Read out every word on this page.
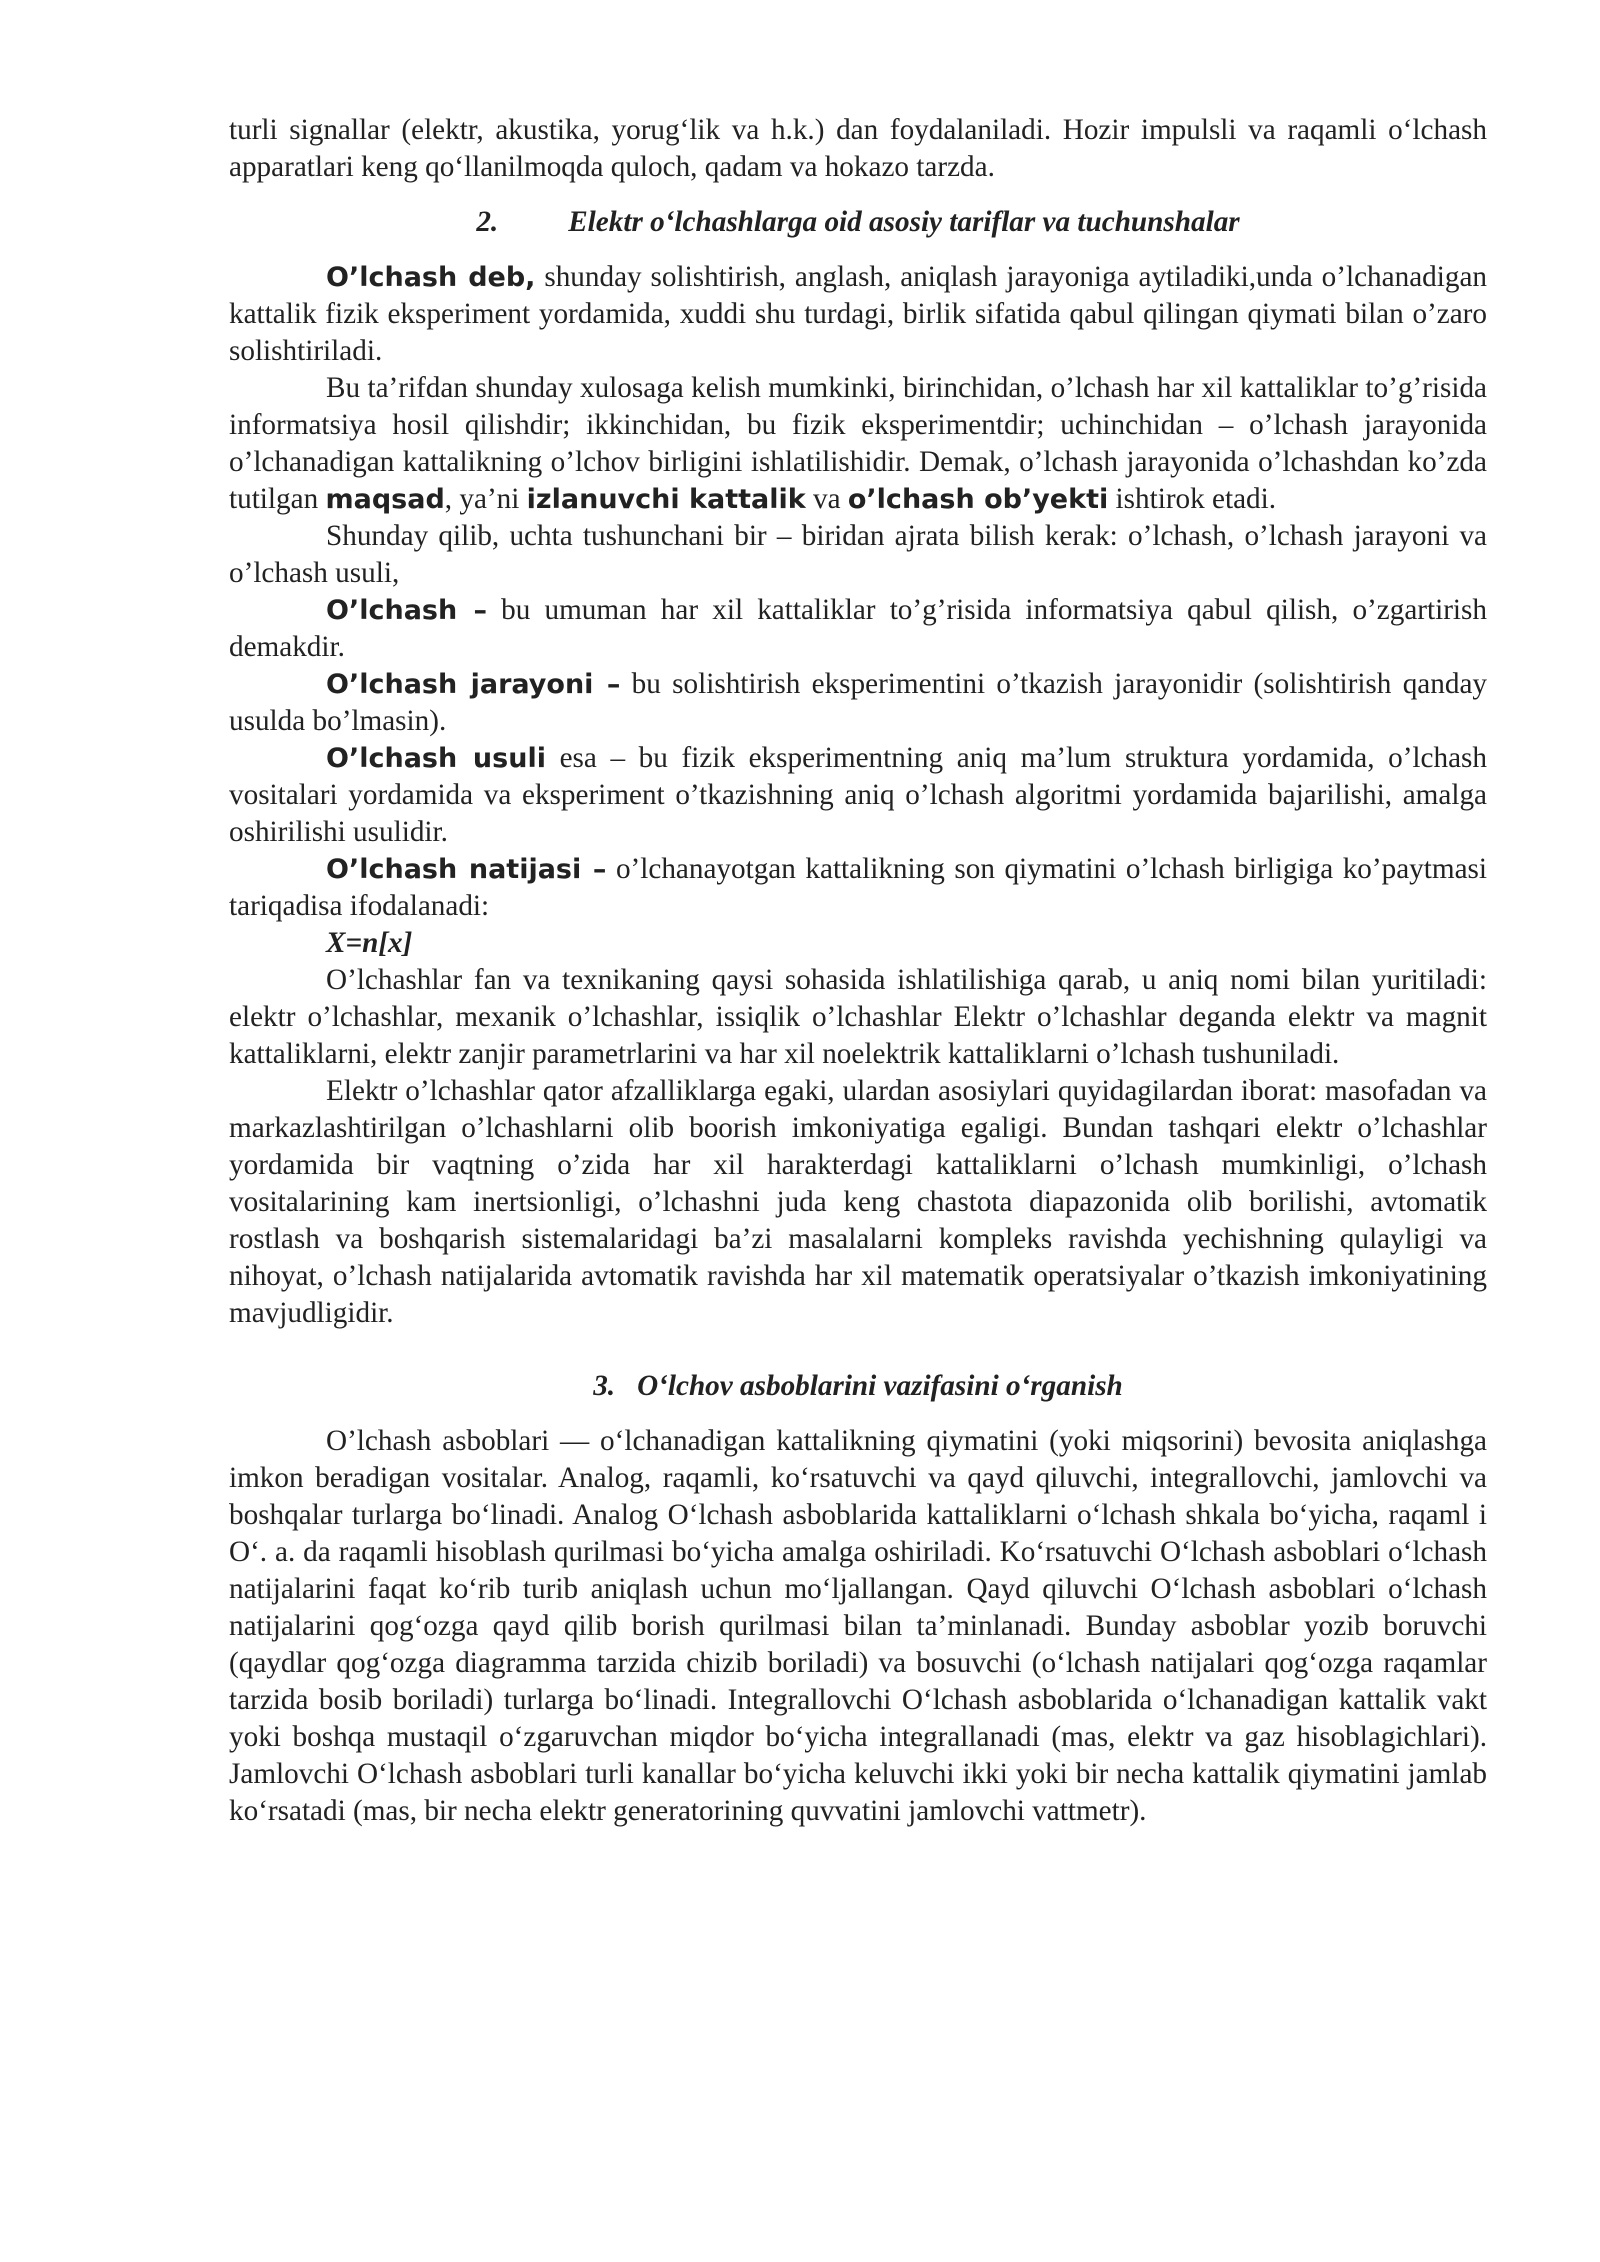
turli signallar (elektr, akustika, yorug‘lik va h.k.) dan foydalaniladi. Hozir impulsli va raqamli o‘lchash apparatlari keng qo‘llanilmoqda quloch, qadam va hokazo tarzda.

2. Elektr o‘lchashlarga oid asosiy tariflar va tuchunshalar

O’lchash deb, shunday solishtirish, anglash, aniqlash jarayoniga aytiladiki,unda o’lchanadigan kattalik fizik eksperiment yordamida, xuddi shu turdagi, birlik sifatida qabul qilingan qiymati bilan o’zaro solishtiriladi.

Bu ta’rifdan shunday xulosaga kelish mumkinki, birinchidan, o’lchash har xil kattaliklar to’g’risida informatsiya hosil qilishdir; ikkinchidan, bu fizik eksperimentdir; uchinchidan – o’lchash jarayonida o’lchanadigan kattalikning o’lchov birligini ishlatilishidir. Demak, o’lchash jarayonida o’lchashdan ko’zda tutilgan maqsad, ya’ni izlanuvchi kattalik va o’lchash ob’yekti ishtirok etadi.

Shunday qilib, uchta tushunchani bir – biridan ajrata bilish kerak: o’lchash, o’lchash jarayoni va o’lchash usuli,

O’lchash – bu umuman har xil kattaliklar to’g’risida informatsiya qabul qilish, o’zgartirish demakdir.

O’lchash jarayoni – bu solishtirish eksperimentini o’tkazish jarayonidir (solishtirish qanday usulda bo’lmasin).

O’lchash usuli esa – bu fizik eksperimentning aniq ma’lum struktura yordamida, o’lchash vositalari yordamida va eksperiment o’tkazishning aniq o’lchash algoritmi yordamida bajarilishi, amalga oshirilishi usulidir.

O’lchash natijasi – o’lchanayotgan kattalikning son qiymatini o’lchash birligiga ko’paytmasi tariqadisa ifodalanadi:

X=n[x]

O’lchashlar fan va texnikaning qaysi sohasida ishlatilishiga qarab, u aniq nomi bilan yuritiladi: elektr o’lchashlar, mexanik o’lchashlar, issiqlik o’lchashlar Elektr o’lchashlar deganda elektr va magnit kattaliklarni, elektr zanjir parametrlarini va har xil noelektrik kattaliklarni o’lchash tushuniladi.

Elektr o’lchashlar qator afzalliklarga egaki, ulardan asosiylari quyidagilardan iborat: masofadan va markazlashtirilgan o’lchashlarni olib boorish imkoniyatiga egaligi. Bundan tashqari elektr o’lchashlar yordamida bir vaqtning o’zida har xil harakterdagi kattaliklarni o’lchash mumkinligi, o’lchash vositalarining kam inertsionligi, o’lchashni juda keng chastota diapazonida olib borilishi, avtomatik rostlash va boshqarish sistemalaridagi ba’zi masalalarni kompleks ravishda yechishning qulayligi va nihoyat, o’lchash natijalarida avtomatik ravishda har xil matematik operatsiyalar o’tkazish imkoniyatining mavjudligidir.

3. O‘lchov asboblarini vazifasini o‘rganish

O’lchash asboblari — o‘lchanadigan kattalikning qiymatini (yoki miqsorini) bevosita aniqlashga imkon beradigan vositalar. Analog, raqamli, ko‘rsatuvchi va qayd qiluvchi, integrallovchi, jamlovchi va boshqalar turlarga bo‘linadi. Analog O‘lchash asboblarida kattaliklarni o‘lchash shkala bo‘yicha, raqaml i O‘. a. da raqamli hisoblash qurilmasi bo‘yicha amalga oshiriladi. Ko‘rsatuvchi O‘lchash asboblari o‘lchash natijalarini faqat ko‘rib turib aniqlash uchun mo‘ljallangan. Qayd qiluvchi O‘lchash asboblari o‘lchash natijalarini qog‘ozga qayd qilib borish qurilmasi bilan ta’minlanadi. Bunday asboblar yozib boruvchi (qaydlar qog‘ozga diagramma tarzida chizib boriladi) va bosuvchi (o‘lchash natijalari qog‘ozga raqamlar tarzida bosib boriladi) turlarga bo‘linadi. Integrallovchi O‘lchash asboblarida o‘lchanadigan kattalik vakt yoki boshqa mustaqil o‘zgaruvchan miqdor bo‘yicha integrallanadi (mas, elektr va gaz hisoblagichlari). Jamlovchi O‘lchash asboblari turli kanallar bo‘yicha keluvchi ikki yoki bir necha kattalik qiymatini jamlab ko‘rsatadi (mas, bir necha elektr generatorining quvvatini jamlovchi vattmetr).
